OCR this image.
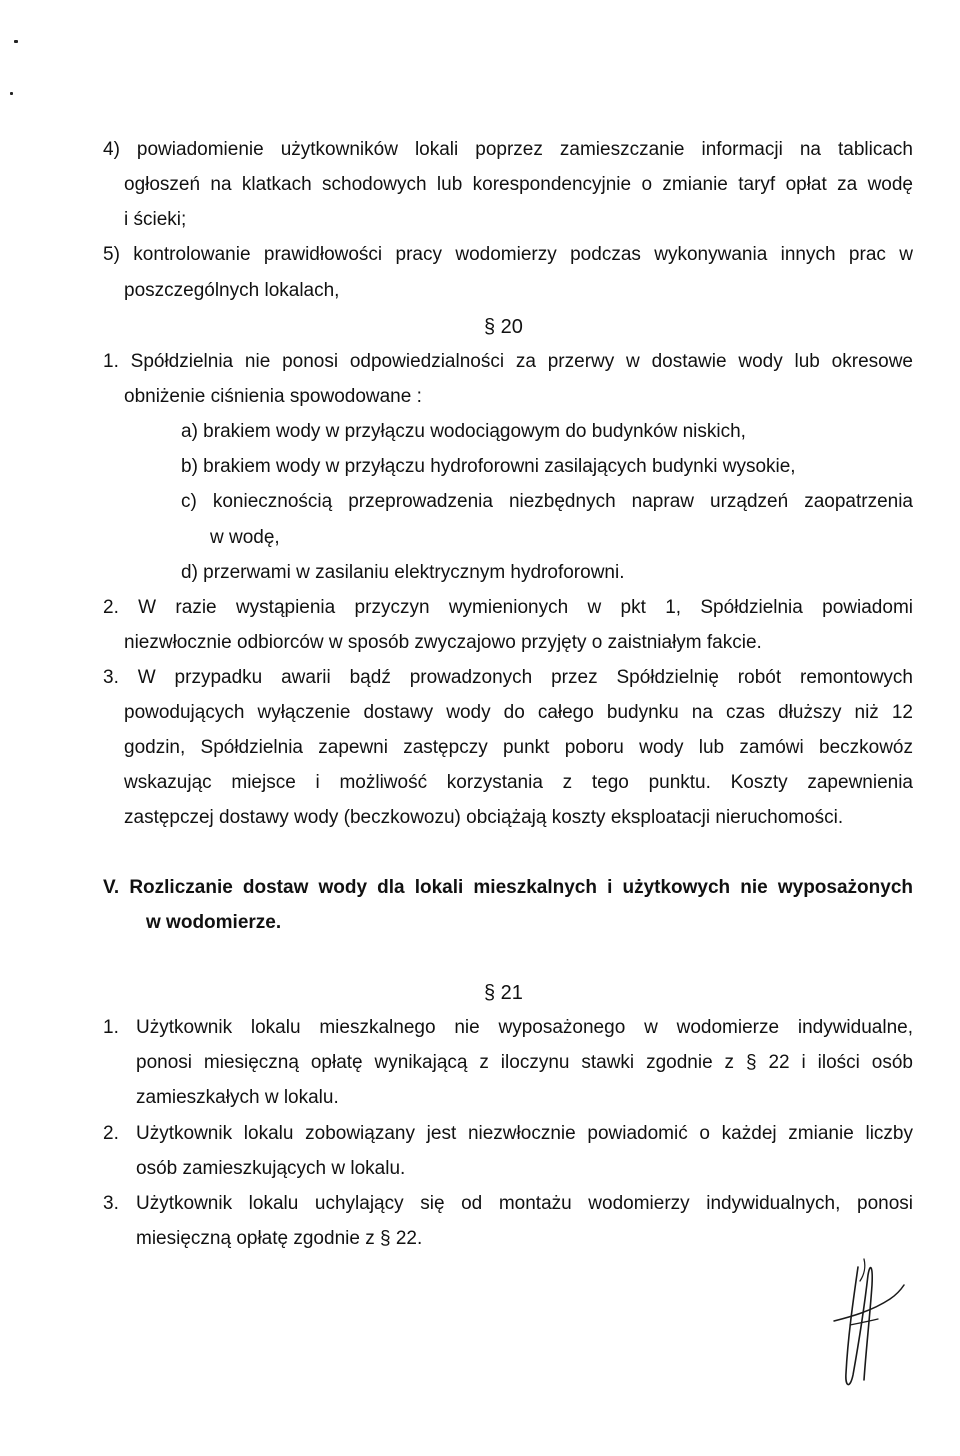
4) powiadomienie użytkowników lokali poprzez zamieszczanie informacji na tablicach
ogłoszeń na klatkach schodowych lub korespondencyjnie o zmianie taryf opłat za wodę
i ścieki;
5) kontrolowanie prawidłowości pracy wodomierzy podczas wykonywania innych prac w
poszczególnych lokalach,
§ 20
1. Spółdzielnia nie ponosi odpowiedzialności za przerwy w dostawie wody lub okresowe
obniżenie ciśnienia spowodowane :
a) brakiem wody w przyłączu wodociągowym do budynków niskich,
b) brakiem wody w przyłączu hydroforowni zasilających budynki wysokie,
c) koniecznością przeprowadzenia niezbędnych napraw urządzeń zaopatrzenia
w wodę,
d) przerwami w zasilaniu elektrycznym hydroforowni.
2. W razie wystąpienia przyczyn wymienionych w pkt 1, Spółdzielnia powiadomi
niezwłocznie odbiorców w sposób zwyczajowo przyjęty o zaistniałym fakcie.
3. W przypadku awarii bądź prowadzonych przez Spółdzielnię robót remontowych
powodujących wyłączenie dostawy wody do całego budynku na czas dłuższy niż 12
godzin, Spółdzielnia zapewni zastępczy punkt poboru wody lub zamówi beczkowóz
wskazując miejsce i możliwość korzystania z tego punktu. Koszty zapewnienia
zastępczej dostawy wody (beczkowozu) obciążają koszty eksploatacji nieruchomości.
V. Rozliczanie dostaw wody dla lokali mieszkalnych i użytkowych nie wyposażonych
w wodomierze.
§ 21
1. Użytkownik lokalu mieszkalnego nie wyposażonego w wodomierze indywidualne,
ponosi miesięczną opłatę wynikającą z iloczynu stawki zgodnie z § 22 i ilości osób
zamieszkałych w lokalu.
2. Użytkownik lokalu zobowiązany jest niezwłocznie powiadomić o każdej zmianie liczby
osób zamieszkujących w lokalu.
3. Użytkownik lokalu uchylający się od montażu wodomierzy indywidualnych, ponosi
miesięczną opłatę zgodnie z § 22.
